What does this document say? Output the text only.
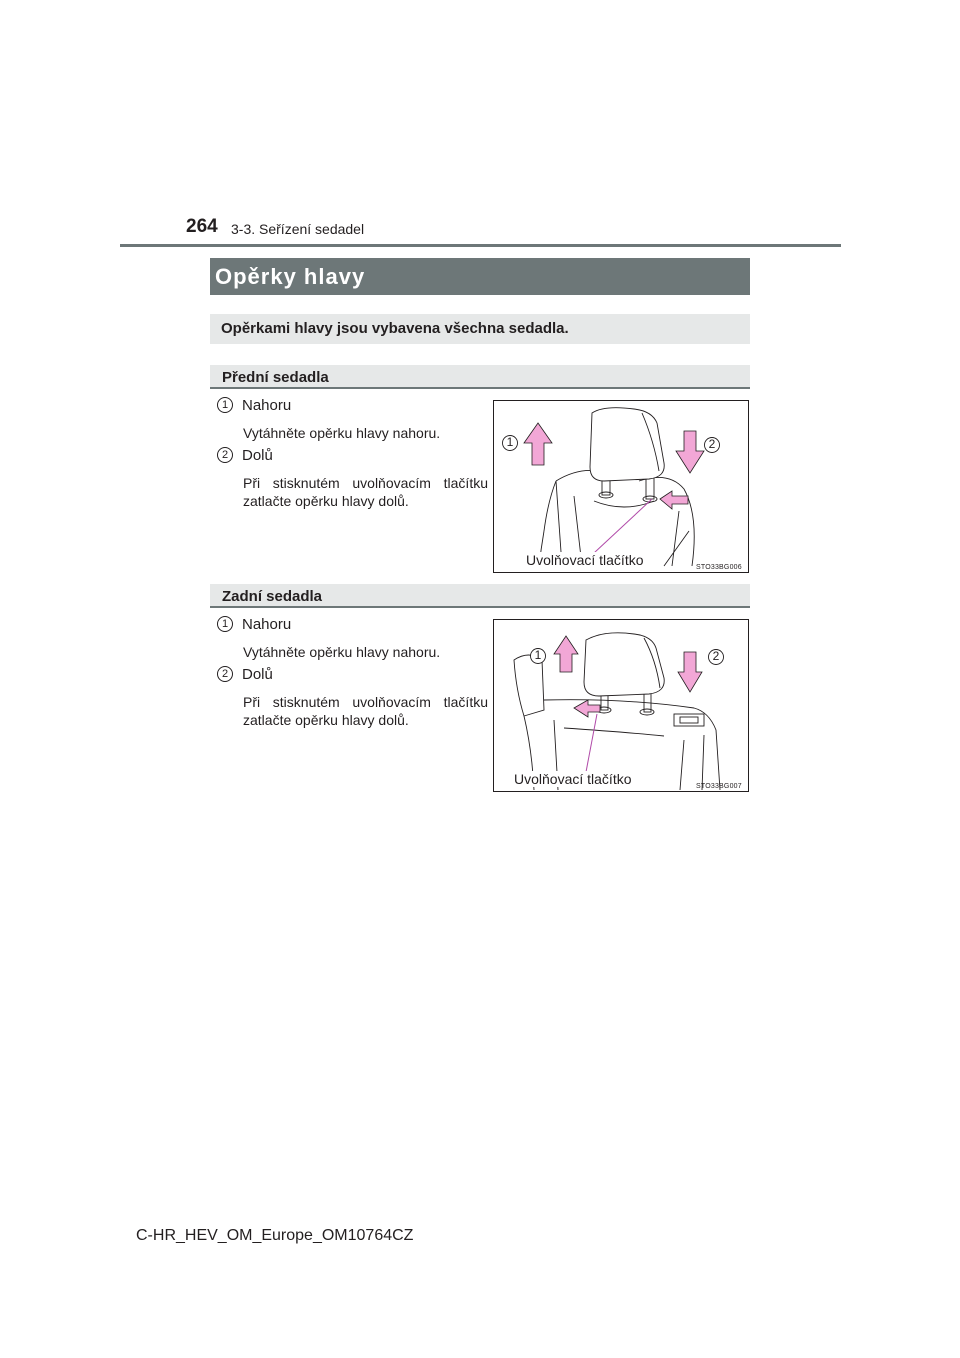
264 3-3. Seřízení sedadel
Opěrky hlavy
Opěrkami hlavy jsou vybavena všechna sedadla.
Přední sedadla
1 Nahoru
Vytáhněte opěrku hlavy nahoru.
2 Dolů
Při stisknutém uvolňovacím tlačítku zatlačte opěrku hlavy dolů.
1	2
Uvolňovací tlačítko	STO33BG006
Zadní sedadla
1 Nahoru
Vytáhněte opěrku hlavy nahoru.
2 Dolů
Při stisknutém uvolňovacím tlačítku zatlačte opěrku hlavy dolů.
1	2
Uvolňovací tlačítko	STO33BG007
C-HR_HEV_OM_Europe_OM10764CZ
